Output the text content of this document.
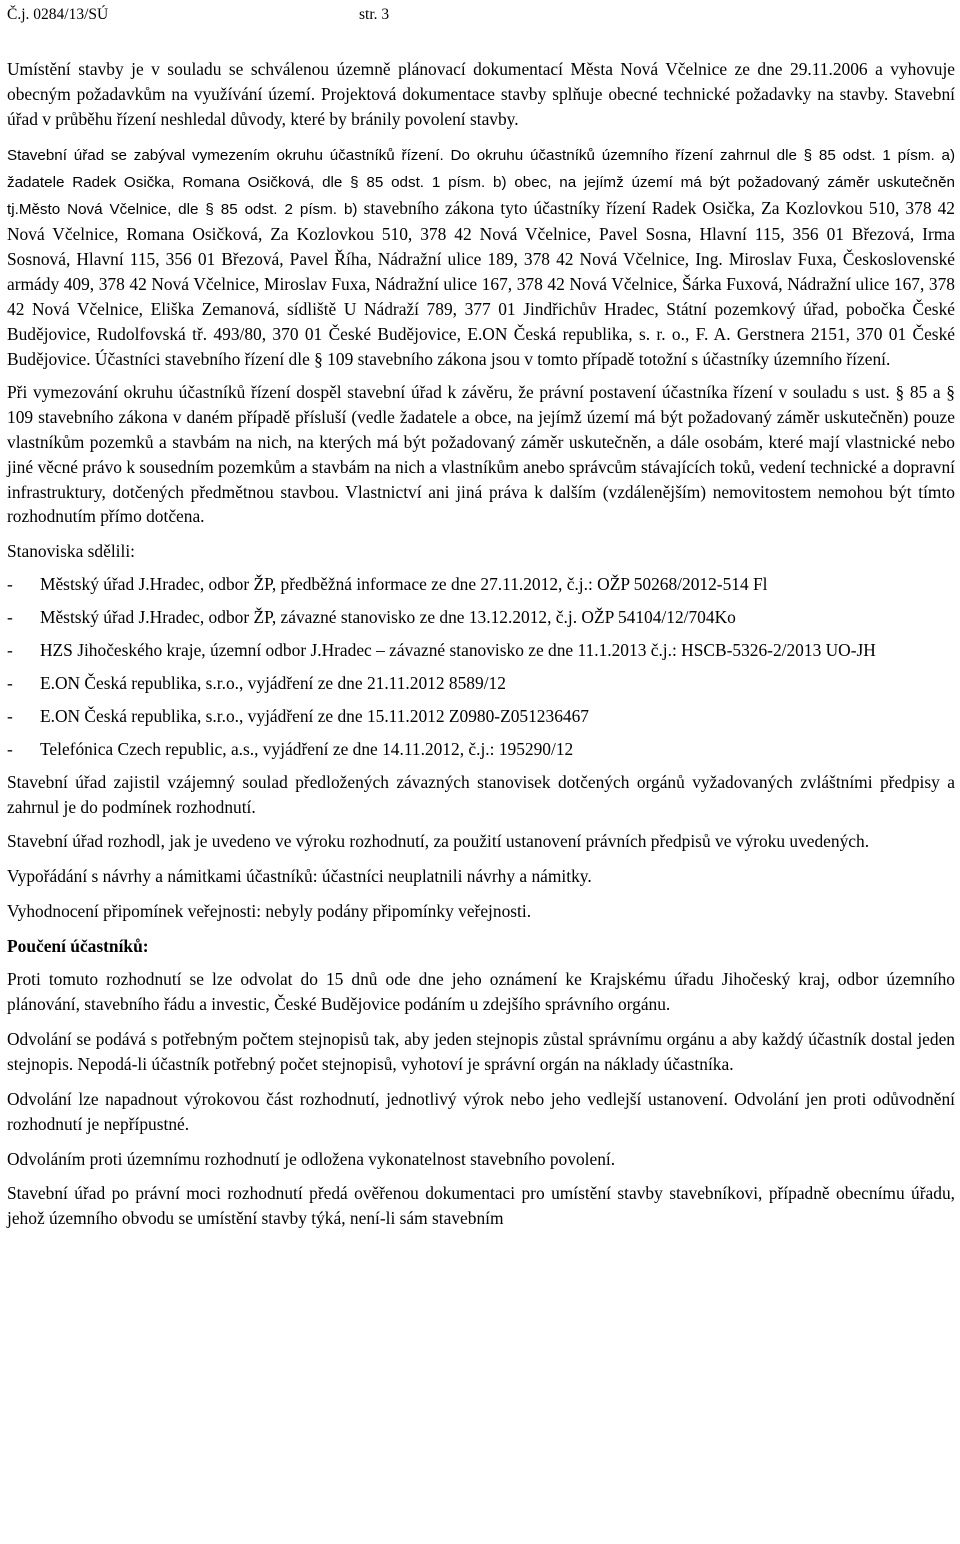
Č.j. 0284/13/SÚ	str. 3

Umístění stavby je v souladu se schválenou územně plánovací dokumentací Města Nová Včelnice ze dne 29.11.2006 a vyhovuje obecným požadavkům na využívání území. Projektová dokumentace stavby splňuje obecné technické požadavky na stavby. Stavební úřad v průběhu řízení neshledal důvody, které by bránily povolení stavby.

Stavební úřad se zabýval vymezením okruhu účastníků řízení. Do okruhu účastníků územního řízení zahrnul dle § 85 odst. 1 písm. a) žadatele Radek Osička, Romana Osičková, dle § 85 odst. 1 písm. b) obec, na jejímž území má být požadovaný záměr uskutečněn tj.Město Nová Včelnice, dle § 85 odst. 2 písm. b) stavebního zákona tyto účastníky řízení Radek Osička, Za Kozlovkou 510, 378 42 Nová Včelnice, Romana Osičková, Za Kozlovkou 510, 378 42 Nová Včelnice, Pavel Sosna, Hlavní 115, 356 01 Březová, Irma Sosnová, Hlavní 115, 356 01 Březová, Pavel Říha, Nádražní ulice 189, 378 42 Nová Včelnice, Ing. Miroslav Fuxa, Československé armády 409, 378 42 Nová Včelnice, Miroslav Fuxa, Nádražní ulice 167, 378 42 Nová Včelnice, Šárka Fuxová, Nádražní ulice 167, 378 42 Nová Včelnice, Eliška Zemanová, sídliště U Nádraží 789, 377 01 Jindřichův Hradec, Státní pozemkový úřad, pobočka České Budějovice, Rudolfovská tř. 493/80, 370 01 České Budějovice, E.ON Česká republika, s. r. o., F. A. Gerstnera 2151, 370 01 České Budějovice. Účastníci stavebního řízení dle § 109 stavebního zákona jsou v tomto případě totožní s účastníky územního řízení.

Při vymezování okruhu účastníků řízení dospěl stavební úřad k závěru, že právní postavení účastníka řízení v souladu s ust. § 85 a § 109 stavebního zákona v daném případě přísluší (vedle žadatele a obce, na jejímž území má být požadovaný záměr uskutečněn) pouze vlastníkům pozemků a stavbám na nich, na kterých má být požadovaný záměr uskutečněn, a dále osobám, které mají vlastnické nebo jiné věcné právo k sousedním pozemkům a stavbám na nich a vlastníkům anebo správcům stávajících toků, vedení technické a dopravní infrastruktury, dotčených předmětnou stavbou. Vlastnictví ani jiná práva k dalším (vzdálenějším) nemovitostem nemohou být tímto rozhodnutím přímo dotčena.

Stanoviska sdělili:

- Městský úřad J.Hradec, odbor ŽP, předběžná informace ze dne 27.11.2012, č.j.: OŽP 50268/2012-514 Fl
- Městský úřad J.Hradec, odbor ŽP, závazné stanovisko ze dne 13.12.2012, č.j. OŽP 54104/12/704Ko
- HZS Jihočeského kraje, územní odbor J.Hradec – závazné stanovisko ze dne 11.1.2013 č.j.: HSCB-5326-2/2013 UO-JH
- E.ON Česká republika, s.r.o., vyjádření ze dne 21.11.2012 8589/12
- E.ON Česká republika, s.r.o., vyjádření ze dne 15.11.2012 Z0980-Z051236467
- Telefónica Czech republic, a.s., vyjádření ze dne 14.11.2012, č.j.: 195290/12

Stavební úřad zajistil vzájemný soulad předložených závazných stanovisek dotčených orgánů vyžadovaných zvláštními předpisy a zahrnul je do podmínek rozhodnutí.

Stavební úřad rozhodl, jak je uvedeno ve výroku rozhodnutí, za použití ustanovení právních předpisů ve výroku uvedených.

Vypořádání s návrhy a námitkami účastníků: účastníci neuplatnili návrhy a námitky.

Vyhodnocení připomínek veřejnosti: nebyly podány připomínky veřejnosti.

Poučení účastníků:

Proti tomuto rozhodnutí se lze odvolat do 15 dnů ode dne jeho oznámení ke Krajskému úřadu Jihočeský kraj, odbor územního plánování, stavebního řádu a investic, České Budějovice podáním u zdejšího správního orgánu.

Odvolání se podává s potřebným počtem stejnopisů tak, aby jeden stejnopis zůstal správnímu orgánu a aby každý účastník dostal jeden stejnopis. Nepodá-li účastník potřebný počet stejnopisů, vyhotoví je správní orgán na náklady účastníka.

Odvolání lze napadnout výrokovou část rozhodnutí, jednotlivý výrok nebo jeho vedlejší ustanovení. Odvolání jen proti odůvodnění rozhodnutí je nepřípustné.

Odvoláním proti územnímu rozhodnutí je odložena vykonatelnost stavebního povolení.

Stavební úřad po právní moci rozhodnutí předá ověřenou dokumentaci pro umístění stavby stavebníkovi, případně obecnímu úřadu, jehož územního obvodu se umístění stavby týká, není-li sám stavebním
